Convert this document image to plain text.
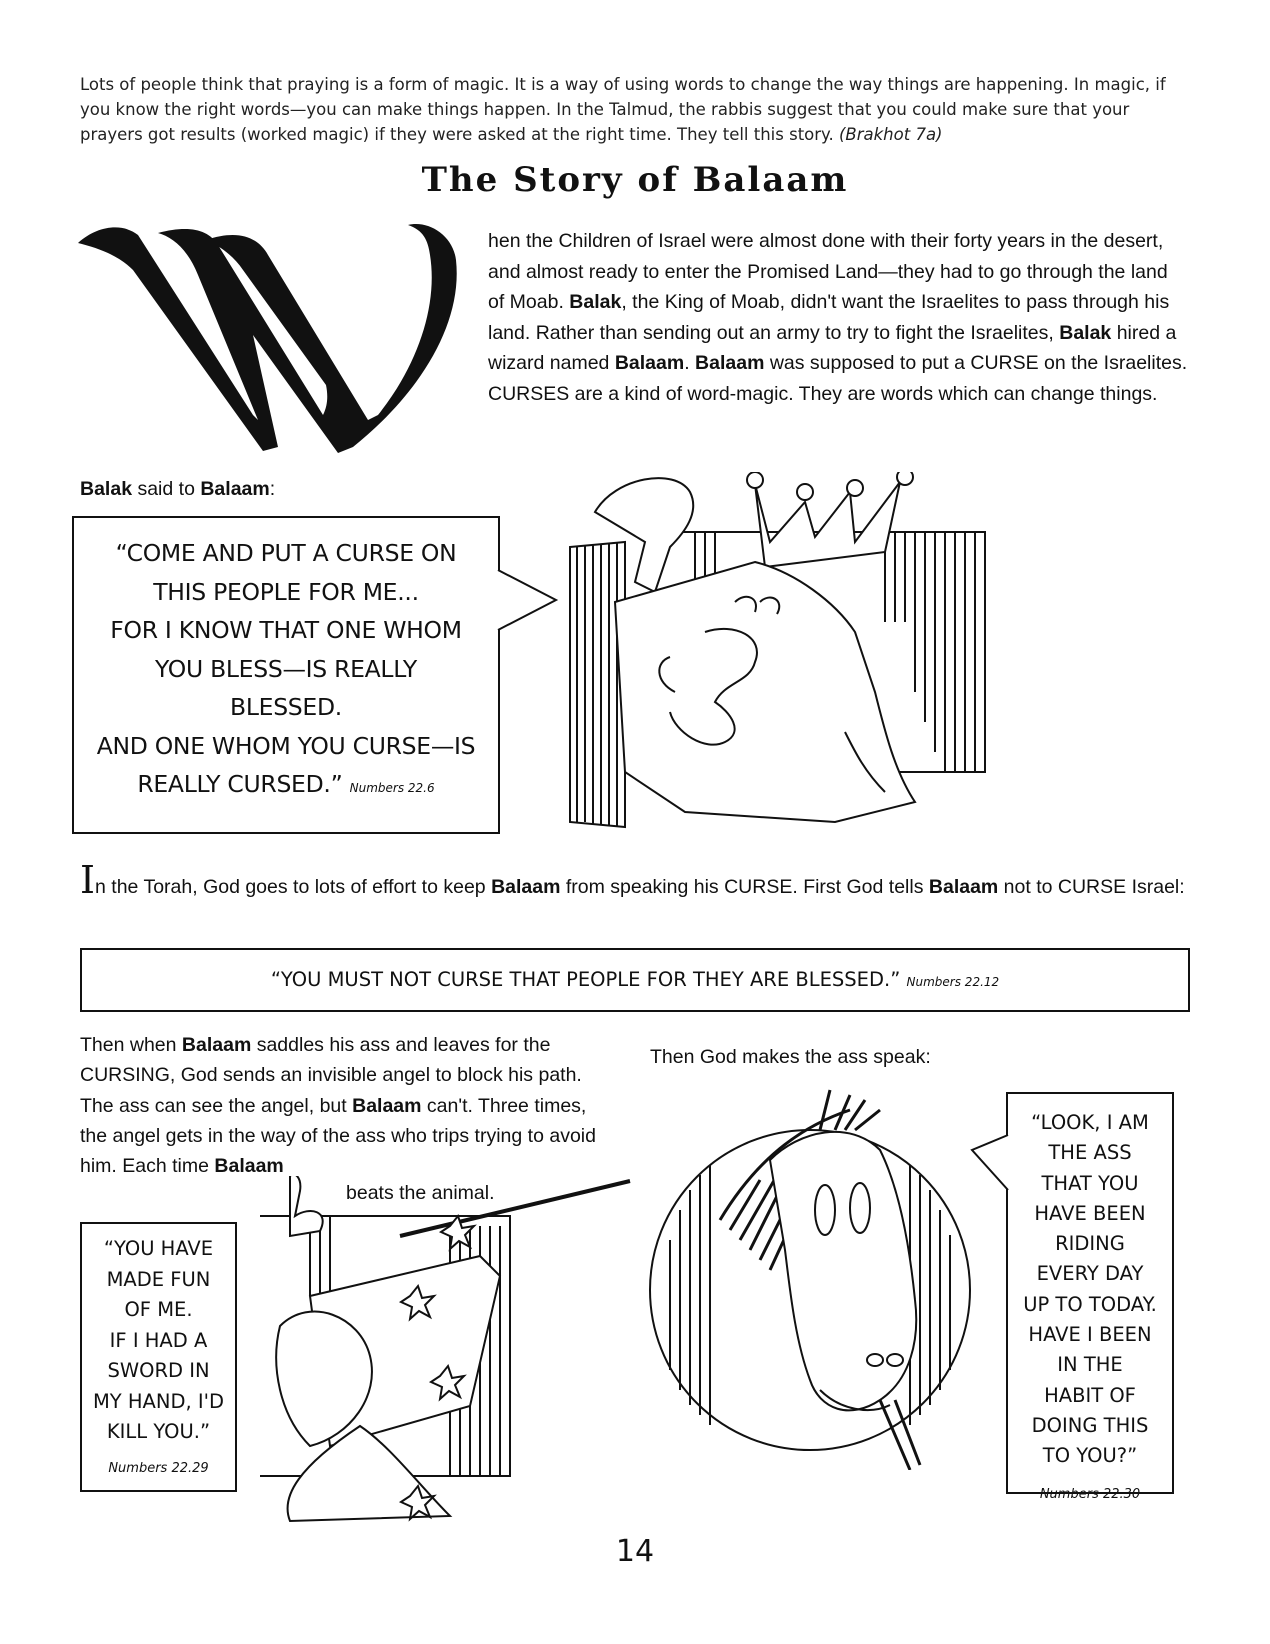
Lots of people think that praying is a form of magic. It is a way of using words to change the way things are happening. In magic, if you know the right words—you can make things happen. In the Talmud, the rabbis suggest that you could make sure that your prayers got results (worked magic) if they were asked at the right time. They tell this story. (Brakhot 7a)
The Story of Balaam
hen the Children of Israel were almost done with their forty years in the desert, and almost ready to enter the Promised Land—they had to go through the land of Moab. Balak, the King of Moab, didn't want the Israelites to pass through his land. Rather than sending out an army to try to fight the Israelites, Balak hired a wizard named Balaam. Balaam was supposed to put a CURSE on the Israelites. CURSES are a kind of word-magic. They are words which can change things.
Balak said to Balaam:
“COME AND PUT A CURSE ON
THIS PEOPLE FOR ME...
FOR I KNOW THAT ONE WHOM
YOU BLESS—IS REALLY
BLESSED.
AND ONE WHOM YOU CURSE—IS
REALLY CURSED.” Numbers 22.6
In the Torah, God goes to lots of effort to keep Balaam from speaking his CURSE. First God tells Balaam not to CURSE Israel:
“YOU MUST NOT CURSE THAT PEOPLE FOR THEY ARE BLESSED.” Numbers 22.12
Then when Balaam saddles his ass and leaves for the CURSING, God sends an invisible angel to block his path. The ass can see the angel, but Balaam can't. Three times, the angel gets in the way of the ass who trips trying to avoid him. Each time Balaam
beats the animal.
Then God makes the ass speak:
“YOU HAVE
MADE FUN
OF ME.
IF I HAD A
SWORD IN
MY HAND, I'D
KILL YOU.”
Numbers 22.29
“LOOK, I AM
THE ASS
THAT YOU
HAVE BEEN
RIDING
EVERY DAY
UP TO TODAY.
HAVE I BEEN
IN THE
HABIT OF
DOING THIS
TO YOU?”
Numbers 22.30
14
